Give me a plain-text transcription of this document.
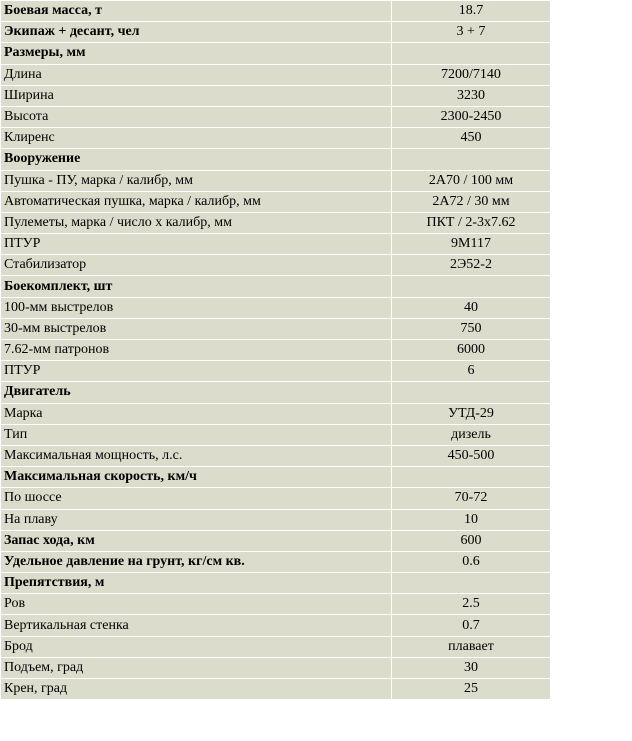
Боевая масса, т	18.7
Экипаж + десант, чел	3 + 7
Размеры, мм	
Длина	7200/7140
Ширина	3230
Высота	2300-2450
Клиренс	450
Вооружение	
Пушка - ПУ, марка / калибр, мм	2А70 / 100 мм
Автоматическая пушка, марка / калибр, мм	2А72 / 30 мм
Пулеметы, марка / число х калибр, мм	ПКТ / 2-3х7.62
ПТУР	9М117
Стабилизатор	2Э52-2
Боекомплект, шт	
100-мм выстрелов	40
30-мм выстрелов	750
7.62-мм патронов	6000
ПТУР	6
Двигатель	
Марка	УТД-29
Тип	дизель
Максимальная мощность, л.с.	450-500
Максимальная скорость, км/ч	
По шоссе	70-72
На плаву	10
Запас хода, км	600
Удельное давление на грунт, кг/см кв.	0.6
Препятствия, м	
Ров	2.5
Вертикальная стенка	0.7
Брод	плавает
Подъем, град	30
Крен, град	25
